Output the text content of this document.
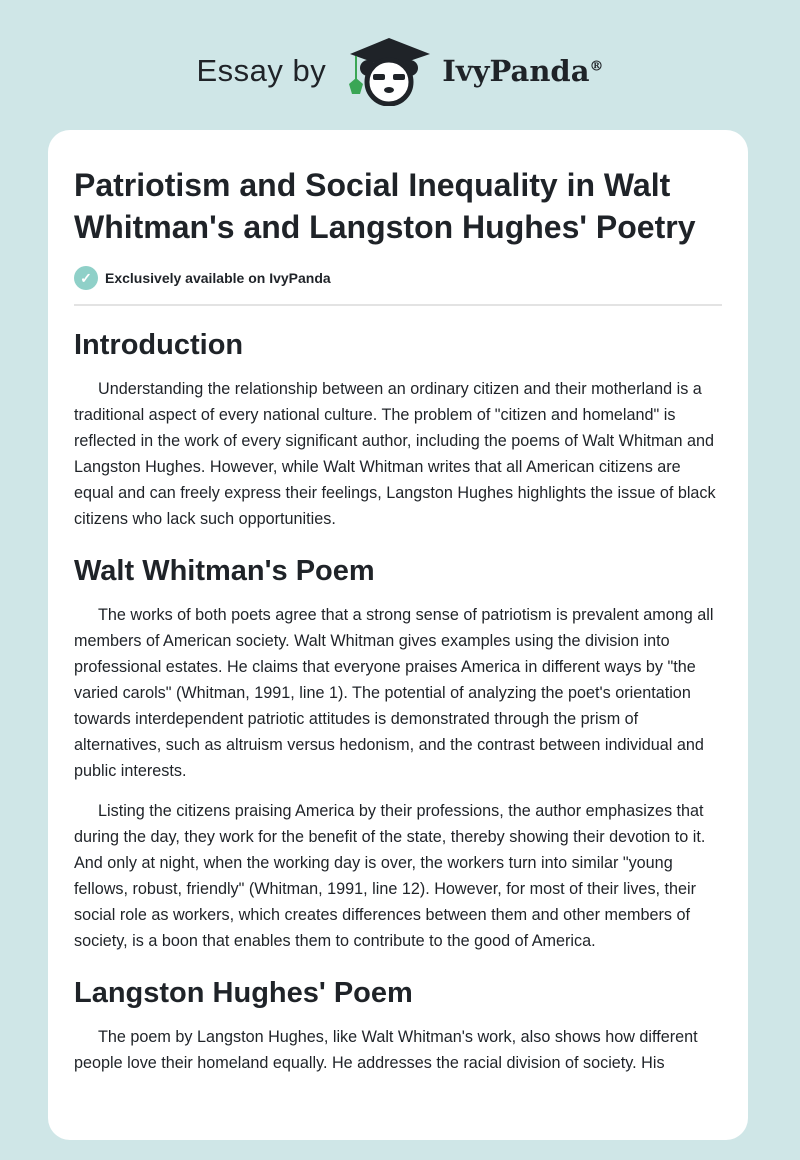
Essay by	IvyPanda®
Patriotism and Social Inequality in Walt Whitman's and Langston Hughes' Poetry
✓ Exclusively available on IvyPanda
Introduction

Understanding the relationship between an ordinary citizen and their motherland is a traditional aspect of every national culture. The problem of "citizen and homeland" is reflected in the work of every significant author, including the poems of Walt Whitman and Langston Hughes. However, while Walt Whitman writes that all American citizens are equal and can freely express their feelings, Langston Hughes highlights the issue of black citizens who lack such opportunities.

Walt Whitman's Poem

The works of both poets agree that a strong sense of patriotism is prevalent among all members of American society. Walt Whitman gives examples using the division into professional estates. He claims that everyone praises America in different ways by "the varied carols" (Whitman, 1991, line 1). The potential of analyzing the poet's orientation towards interdependent patriotic attitudes is demonstrated through the prism of alternatives, such as altruism versus hedonism, and the contrast between individual and public interests.

Listing the citizens praising America by their professions, the author emphasizes that during the day, they work for the benefit of the state, thereby showing their devotion to it. And only at night, when the working day is over, the workers turn into similar "young fellows, robust, friendly" (Whitman, 1991, line 12). However, for most of their lives, their social role as workers, which creates differences between them and other members of society, is a boon that enables them to contribute to the good of America.

Langston Hughes' Poem

The poem by Langston Hughes, like Walt Whitman's work, also shows how different people love their homeland equally. He addresses the racial division of society. His
